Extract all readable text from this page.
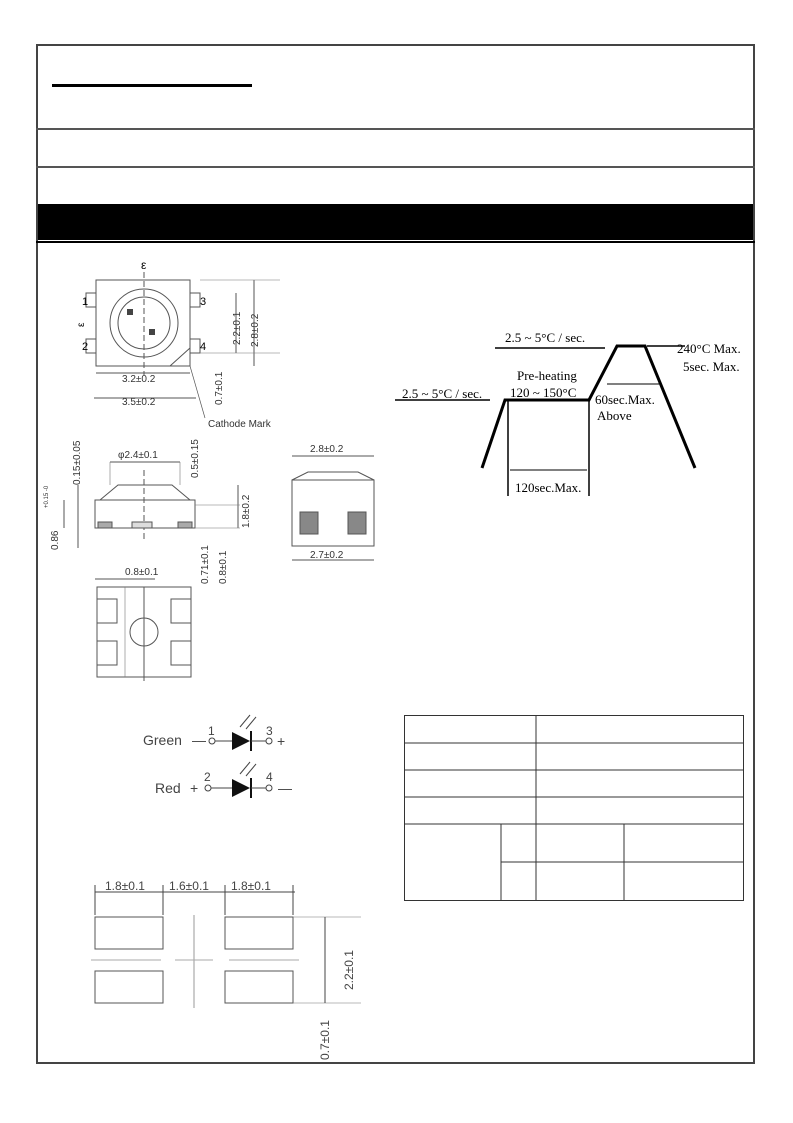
ε
1
2
3
4
ε
3.2±0.2
3.5±0.2
2.2±0.1 2.8±0.2
0.7±0.1
Cathode Mark
φ2.4±0.1
0.15±0.05
0.86
+0.15 -0
0.5±0.15
1.8±0.2
0.71±0.1 0.8±0.1
2.8±0.2
2.7±0.2
0.8±0.1
Green
1
—
3
+
Red +
2	4
—
1.8±0.1 1.6±0.1 1.8±0.1
2.2±0.1
0.7±0.1
2.5 ~ 5°C / sec.
2.5 ~ 5°C / sec.
Pre-heating
120 ~ 150°C
240°C Max.
5sec. Max.
60sec.Max.
Above
120sec.Max.
